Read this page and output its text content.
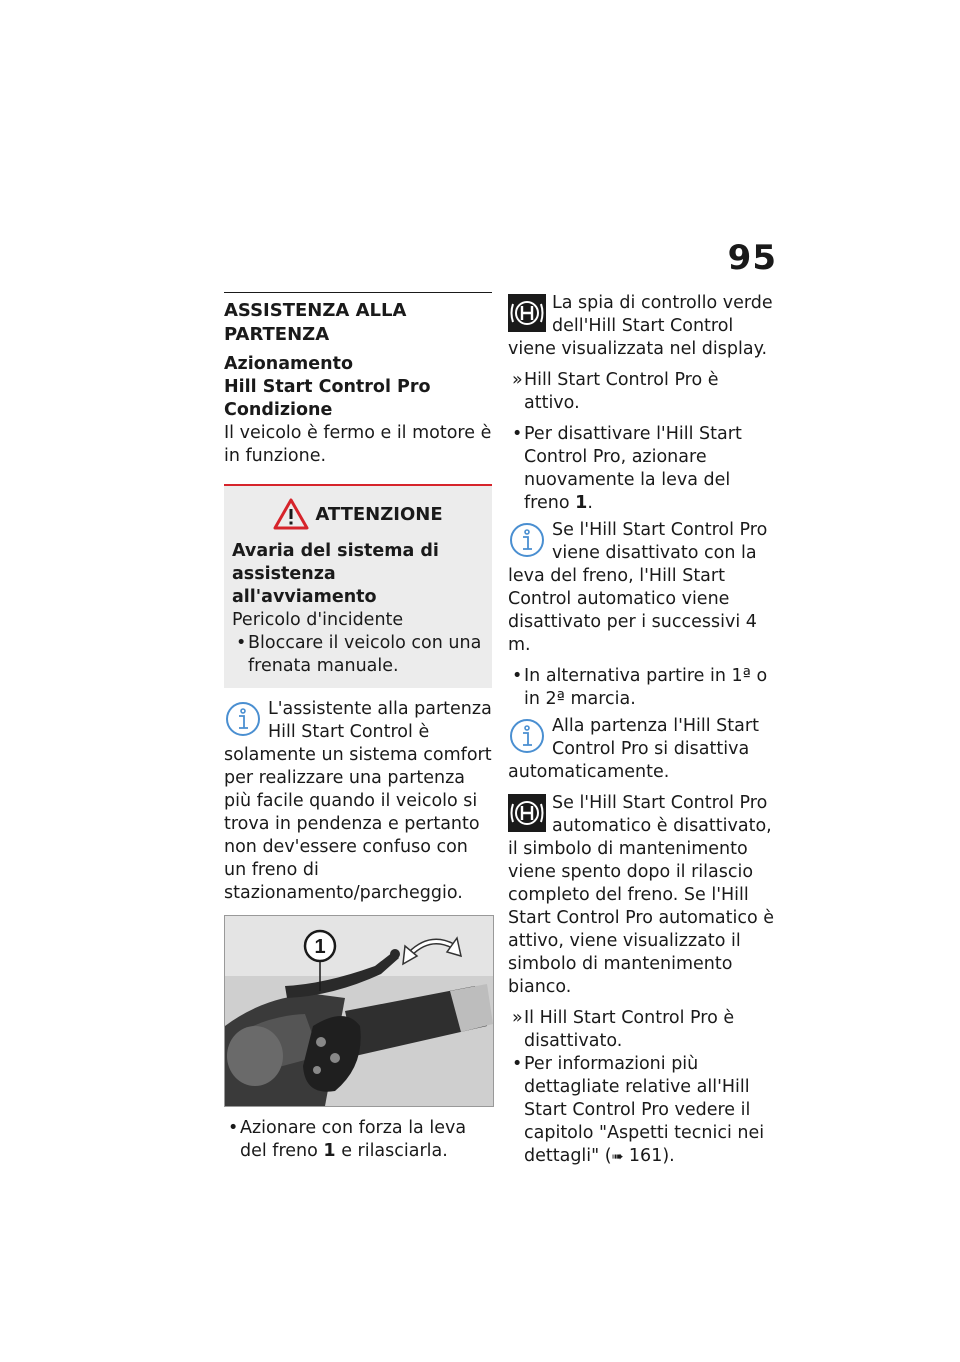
95
ASSISTENZA ALLA PARTENZA

Azionamento

Hill Start Control Pro

Condizione

Il veicolo è fermo e il motore è in funzione.

ATTENZIONE

Avaria del sistema di assistenza all'avviamento

Pericolo d'incidente

•Bloccare il veicolo con una frenata manuale.

L'assistente alla partenza Hill Start Control è solamente un sistema comfort per realizzare una partenza più facile quando il veicolo si trova in pendenza e pertanto non dev'essere confuso con un freno di stazionamento/parcheggio.

1

•Azionare con forza la leva del freno 1 e rilasciarla.

La spia di controllo verde dell'Hill Start Control viene visualizzata nel display.

»Hill Start Control Pro è attivo.

•Per disattivare l'Hill Start Control Pro, azionare nuovamente la leva del freno 1.

Se l'Hill Start Control Pro viene disattivato con la leva del freno, l'Hill Start Control automatico viene disattivato per i successivi 4 m.

•In alternativa partire in 1ª o in 2ª marcia.

Alla partenza l'Hill Start Control Pro si disattiva automaticamente.

Se l'Hill Start Control Pro automatico è disattivato, il simbolo di mantenimento viene spento dopo il rilascio completo del freno. Se l'Hill Start Control Pro automatico è attivo, viene visualizzato il simbolo di mantenimento bianco.

»Il Hill Start Control Pro è disattivato.

•Per informazioni più dettagliate relative all'Hill Start Control Pro vedere il capitolo "Aspetti tecnici nei dettagli" (➠ 161).
